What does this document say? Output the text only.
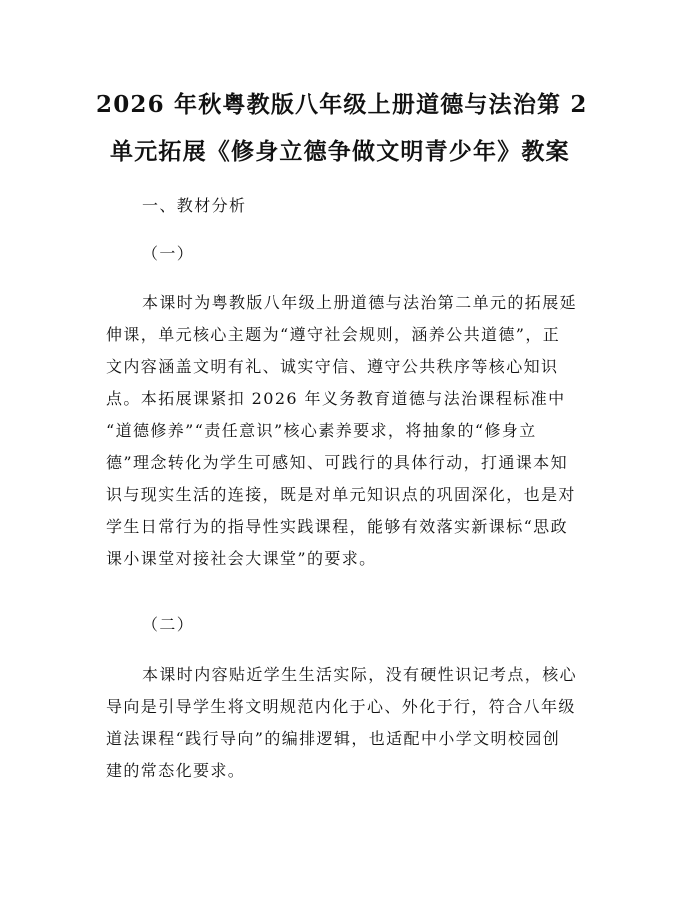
2026 年秋粤教版八年级上册道德与法治第 2
单元拓展《修身立德争做文明青少年》教案

一、教材分析

（一）

本课时为粤教版八年级上册道德与法治第二单元的拓展延

伸课，单元核心主题为“遵守社会规则，涵养公共道德”，正

文内容涵盖文明有礼、诚实守信、遵守公共秩序等核心知识

点。本拓展课紧扣 2026 年义务教育道德与法治课程标准中

“道德修养”“责任意识”核心素养要求，将抽象的“修身立

德”理念转化为学生可感知、可践行的具体行动，打通课本知

识与现实生活的连接，既是对单元知识点的巩固深化，也是对

学生日常行为的指导性实践课程，能够有效落实新课标“思政

课小课堂对接社会大课堂”的要求。

（二）

本课时内容贴近学生生活实际，没有硬性识记考点，核心

导向是引导学生将文明规范内化于心、外化于行，符合八年级

道法课程“践行导向”的编排逻辑，也适配中小学文明校园创

建的常态化要求。
